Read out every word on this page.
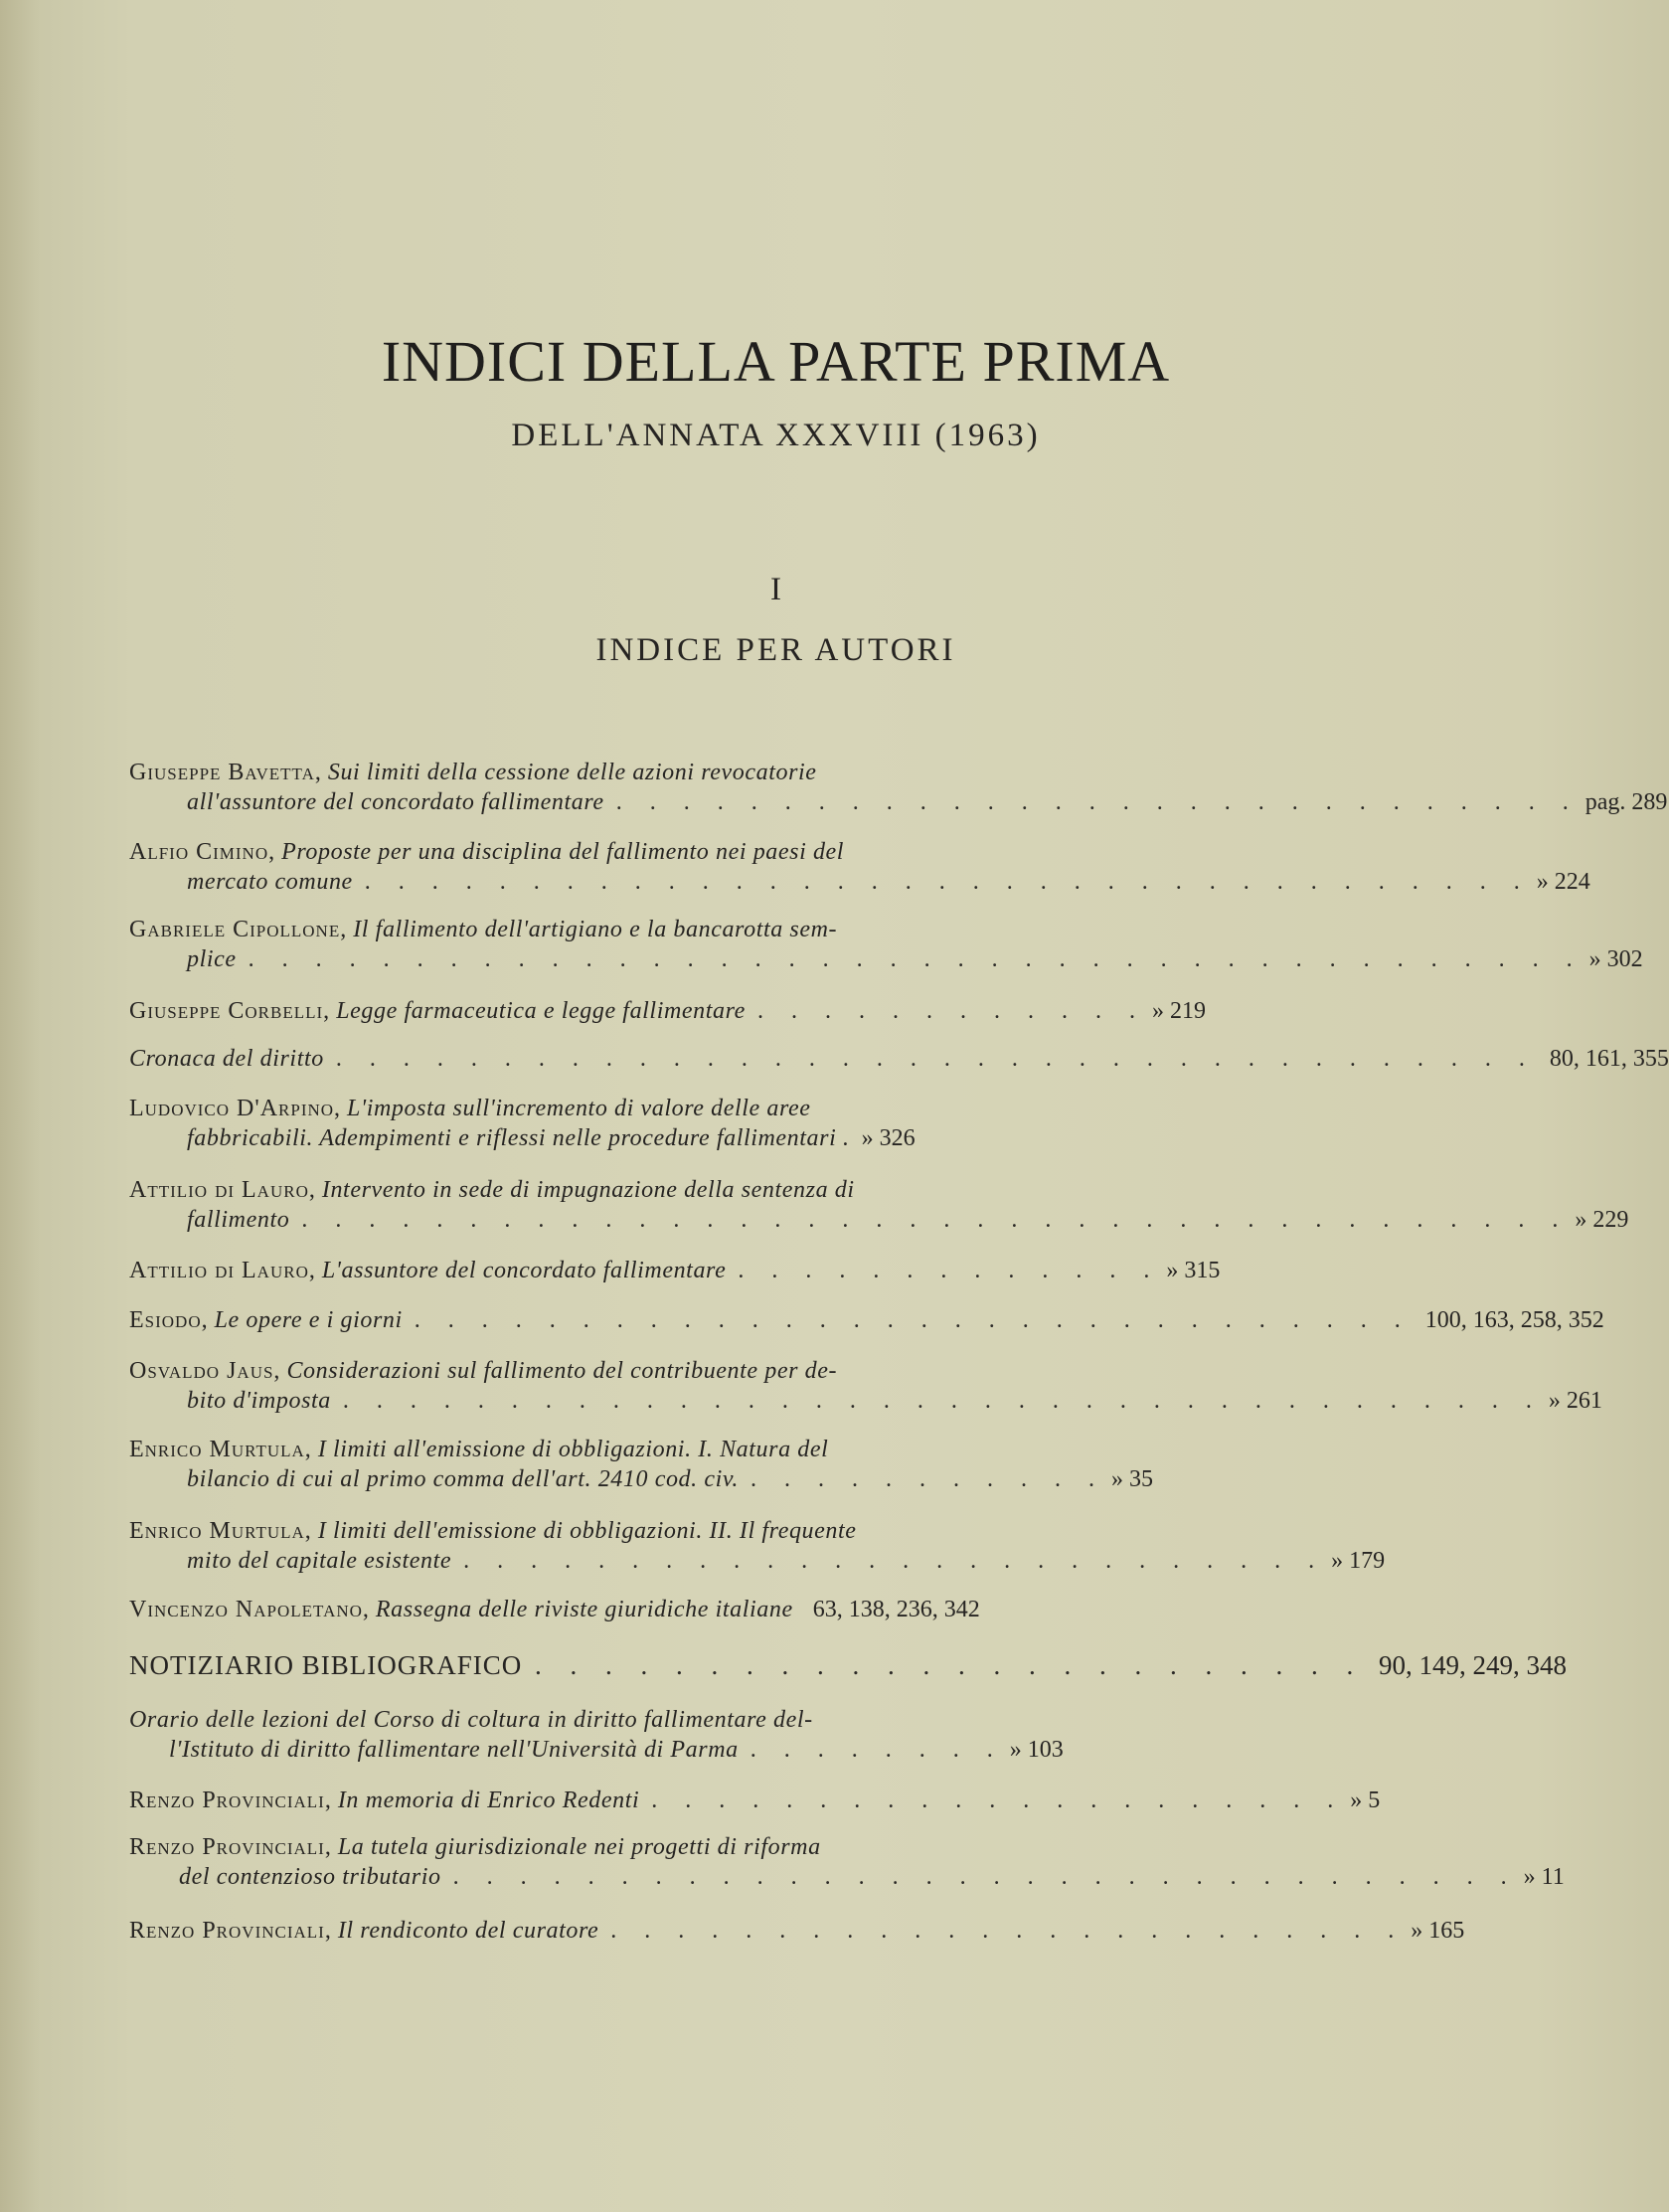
INDICI DELLA PARTE PRIMA
DELL'ANNATA XXXVIII (1963)
I
INDICE PER AUTORI
Giuseppe Bavetta, Sui limiti della cessione delle azioni revocatorie
all'assuntore del concordato fallimentare . . . . . . . . . . . . . . . . . . . . . . . . . . . . . pag. 289
Alfio Cimino, Proposte per una disciplina del fallimento nei paesi del
mercato comune . . . . . . . . . . . . . . . . . . . . . . . . . . . . . . . . . . . » 224
Gabriele Cipollone, Il fallimento dell'artigiano e la bancarotta sem-
plice . . . . . . . . . . . . . . . . . . . . . . . . . . . . . . . . . . . . . . . . » 302
Giuseppe Corbelli, Legge farmaceutica e legge fallimentare . . . . . . . . . . . . » 219
Cronaca del diritto . . . . . . . . . . . . . . . . . . . . . . . . . . . . . . . . . . . . 80, 161, 355
Ludovico D'Arpino, L'imposta sull'incremento di valore delle aree
fabbricabili. Adempimenti e riflessi nelle procedure fallimentari . » 326
Attilio di Lauro, Intervento in sede di impugnazione della sentenza di
fallimento . . . . . . . . . . . . . . . . . . . . . . . . . . . . . . . . . . . . . . » 229
Attilio di Lauro, L'assuntore del concordato fallimentare . . . . . . . . . . . . . » 315
Esiodo, Le opere e i giorni . . . . . . . . . . . . . . . . . . . . . . . . . . . . . . 100, 163, 258, 352
Osvaldo Jaus, Considerazioni sul fallimento del contribuente per de-
bito d'imposta . . . . . . . . . . . . . . . . . . . . . . . . . . . . . . . . . . . . » 261
Enrico Murtula, I limiti all'emissione di obbligazioni. I. Natura del
bilancio di cui al primo comma dell'art. 2410 cod. civ. . . . . . . . . . . . » 35
Enrico Murtula, I limiti dell'emissione di obbligazioni. II. Il frequente
mito del capitale esistente . . . . . . . . . . . . . . . . . . . . . . . . . . » 179
Vincenzo Napoletano, Rassegna delle riviste giuridiche italiane 63, 138, 236, 342
NOTIZIARIO BIBLIOGRAFICO . . . . . . . . . . . . . . . . . . . . . . . . 90, 149, 249, 348
Orario delle lezioni del Corso di coltura in diritto fallimentare del-
l'Istituto di diritto fallimentare nell'Università di Parma . . . . . . . . » 103
Renzo Provinciali, In memoria di Enrico Redenti . . . . . . . . . . . . . . . . . . . . . » 5
Renzo Provinciali, La tutela giurisdizionale nei progetti di riforma
del contenzioso tributario . . . . . . . . . . . . . . . . . . . . . . . . . . . . . . . . » 11
Renzo Provinciali, Il rendiconto del curatore . . . . . . . . . . . . . . . . . . . . . . . . » 165
